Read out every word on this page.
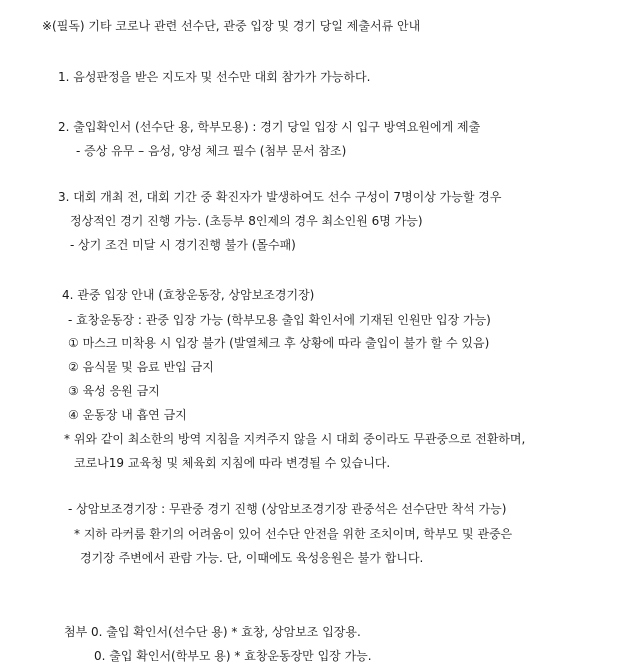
※(필독) 기타 코로나 관련 선수단, 관중 입장 및 경기 당일 제출서류 안내
1. 음성판정을 받은 지도자 및 선수만 대회 참가가 가능하다.
2. 출입확인서 (선수단 용, 학부모용) : 경기 당일 입장 시 입구 방역요원에게 제출
- 증상 유무 – 음성, 양성 체크 필수 (첨부 문서 참조)
3. 대회 개최 전, 대회 기간 중 확진자가 발생하여도 선수 구성이 7명이상 가능할 경우
정상적인 경기 진행 가능. (초등부 8인제의 경우 최소인원 6명 가능)
- 상기 조건 미달 시 경기진행 불가 (몰수패)
4. 관중 입장 안내 (효창운동장, 상암보조경기장)
- 효창운동장 : 관중 입장 가능 (학부모용 출입 확인서에 기재된 인원만 입장 가능)
① 마스크 미착용 시 입장 불가 (발열체크 후 상황에 따라 출입이 불가 할 수 있음)
② 음식물 및 음료 반입 금지
③ 육성 응원 금지
④ 운동장 내 흡연 금지
* 위와 같이 최소한의 방역 지침을 지켜주지 않을 시 대회 중이라도 무관중으로 전환하며,
코로나19 교육청 및 체육회 지침에 따라 변경될 수 있습니다.
- 상암보조경기장 : 무관중 경기 진행 (상암보조경기장 관중석은 선수단만 착석 가능)
* 지하 라커룸 환기의 어려움이 있어 선수단 안전을 위한 조치이며, 학부모 및 관중은
경기장 주변에서 관람 가능. 단, 이때에도 육성응원은 불가 합니다.
첨부 0. 출입 확인서(선수단 용) * 효창, 상암보조 입장용.
0. 출입 확인서(학부모 용) * 효창운동장만 입장 가능.
